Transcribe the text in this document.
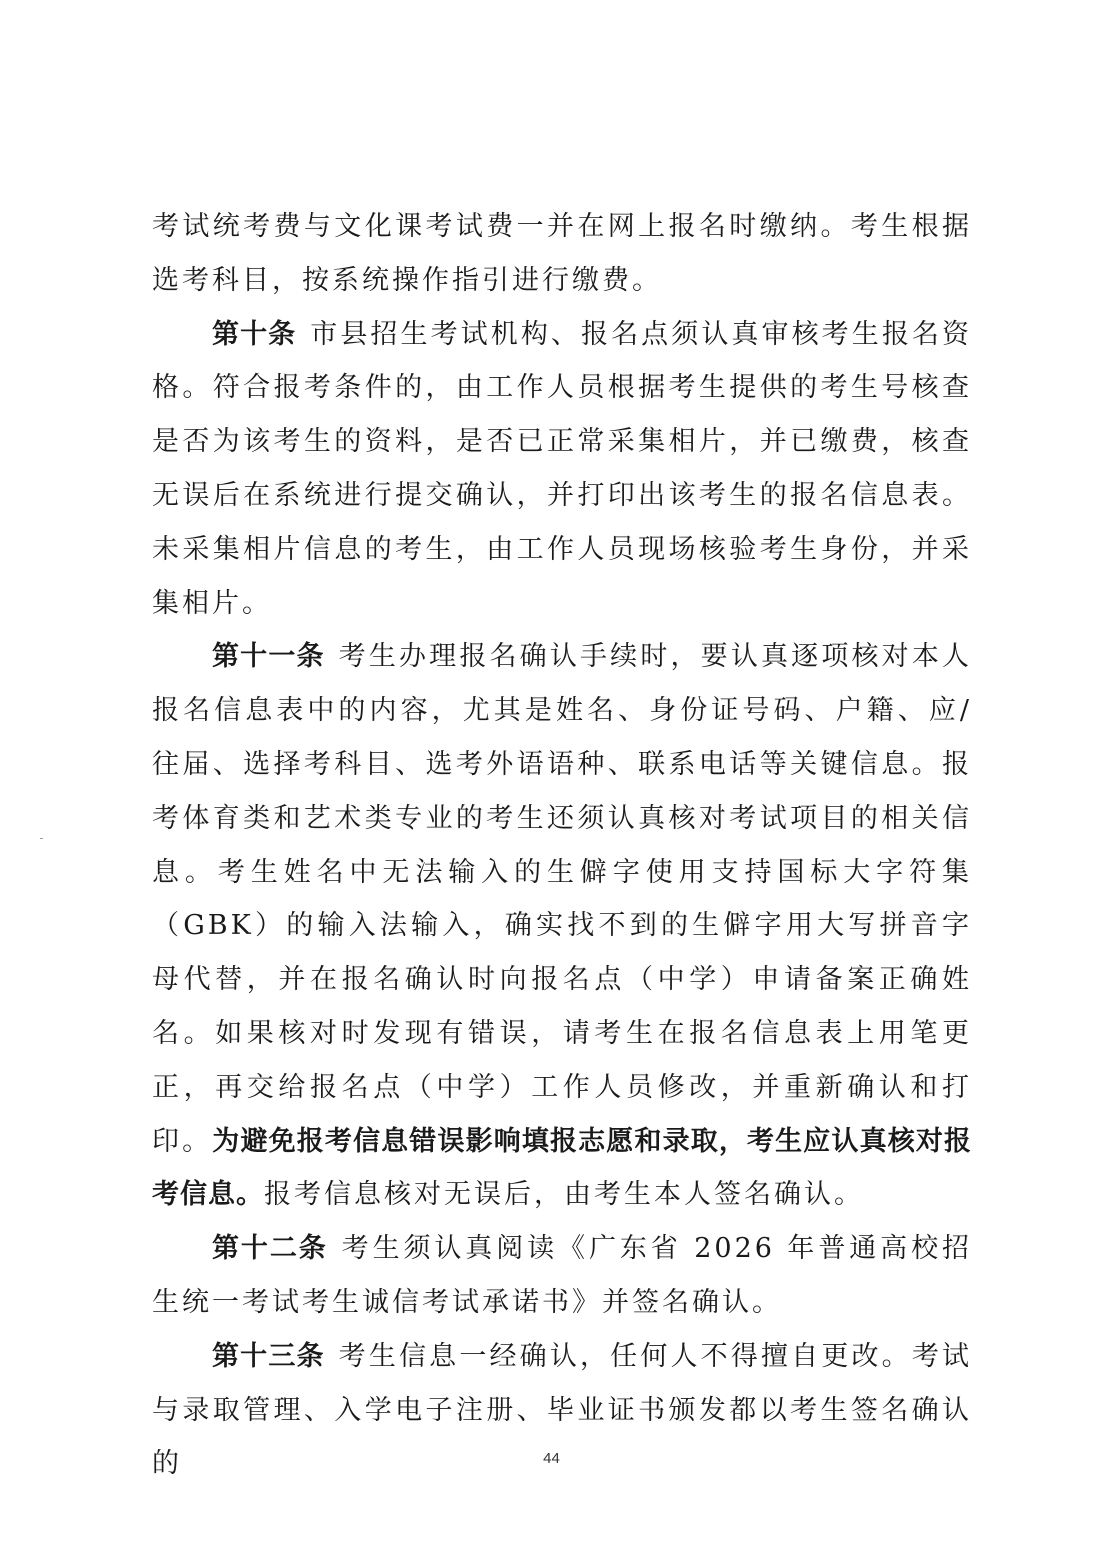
考试统考费与文化课考试费一并在网上报名时缴纳。考生根据选考科目，按系统操作指引进行缴费。

第十条 市县招生考试机构、报名点须认真审核考生报名资格。符合报考条件的，由工作人员根据考生提供的考生号核查是否为该考生的资料，是否已正常采集相片，并已缴费，核查无误后在系统进行提交确认，并打印出该考生的报名信息表。未采集相片信息的考生，由工作人员现场核验考生身份，并采集相片。

第十一条 考生办理报名确认手续时，要认真逐项核对本人报名信息表中的内容，尤其是姓名、身份证号码、户籍、应/往届、选择考科目、选考外语语种、联系电话等关键信息。报考体育类和艺术类专业的考生还须认真核对考试项目的相关信息。考生姓名中无法输入的生僻字使用支持国标大字符集（GBK）的输入法输入，确实找不到的生僻字用大写拼音字母代替，并在报名确认时向报名点（中学）申请备案正确姓名。如果核对时发现有错误，请考生在报名信息表上用笔更正，再交给报名点（中学）工作人员修改，并重新确认和打印。为避免报考信息错误影响填报志愿和录取，考生应认真核对报考信息。报考信息核对无误后，由考生本人签名确认。

第十二条 考生须认真阅读《广东省 2026 年普通高校招生统一考试考生诚信考试承诺书》并签名确认。

第十三条 考生信息一经确认，任何人不得擅自更改。考试与录取管理、入学电子注册、毕业证书颁发都以考生签名确认的	44
